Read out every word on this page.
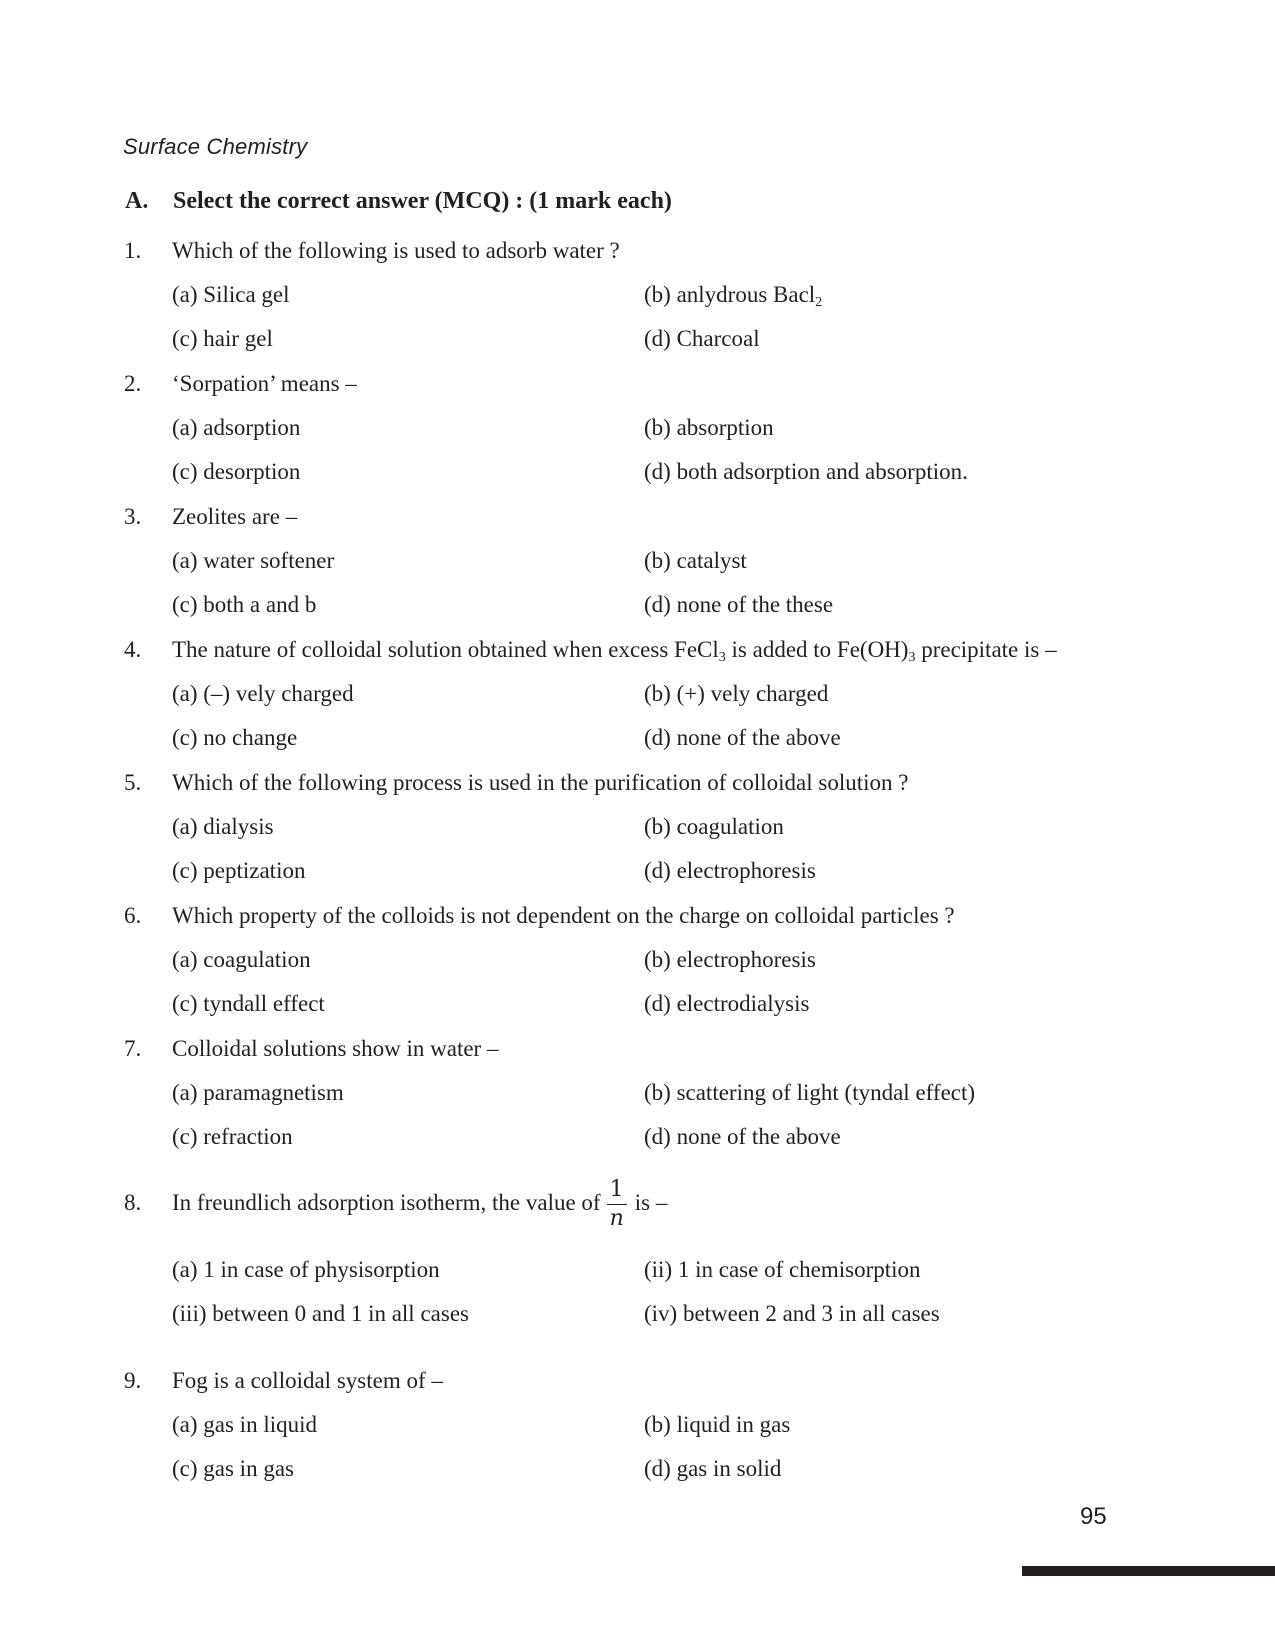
Surface Chemistry
A. Select the correct answer (MCQ) : (1 mark each)
1. Which of the following is used to adsorb water ?
(a) Silica gel	(b) anlydrous Bacl$_2$
(c) hair gel	(d) Charcoal
2. ‘Sorpation’ means –
(a) adsorption	(b) absorption
(c) desorption	(d) both adsorption and absorption.
3. Zeolites are –
(a) water softener	(b) catalyst
(c) both a and b	(d) none of the these
4. The nature of colloidal solution obtained when excess FeCl$_3$ is added to $Fe(OH)_3$ precipitate is –
(a) (–) vely charged	(b) (+) vely charged
(c) no change	(d) none of the above
5. Which of the following process is used in the purification of colloidal solution ?
(a) dialysis	(b) coagulation
(c) peptization	(d) electrophoresis
6. Which property of the colloids is not dependent on the charge on colloidal particles ?
(a) coagulation	(b) electrophoresis
(c) tyndall effect	(d) electrodialysis
7. Colloidal solutions show in water –
(a) paramagnetism	(b) scattering of light (tyndal effect)
(c) refraction	(d) none of the above
8. In freundlich adsorption isotherm, the value of $\frac{1}{n}$ is –
(a) 1 in case of physisorption	(ii) 1 in case of chemisorption
(iii) between 0 and 1 in all cases	(iv) between 2 and 3 in all cases
9. Fog is a colloidal system of –
(a) gas in liquid	(b) liquid in gas
(c) gas in gas	(d) gas in solid
95
